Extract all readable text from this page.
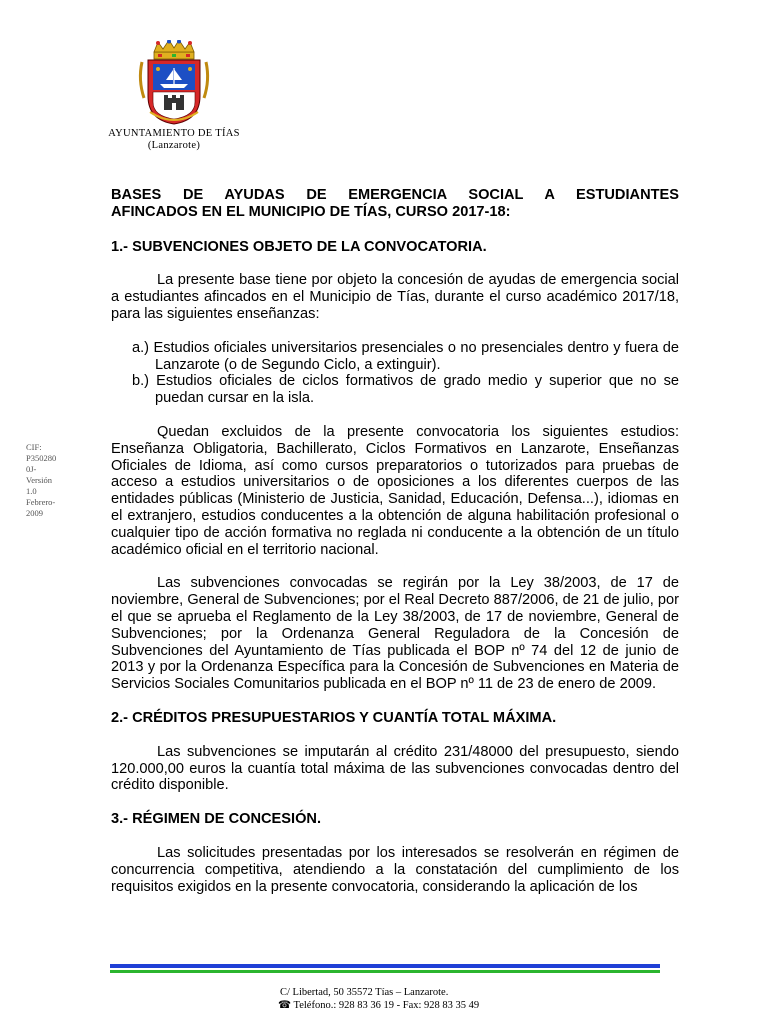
AYUNTAMIENTO DE TÍAS
(Lanzarote)
CIF:
P350280
0J-
Versión
1.0
Febrero-
2009
BASES DE AYUDAS DE EMERGENCIA SOCIAL A ESTUDIANTES
AFINCADOS EN EL MUNICIPIO DE TÍAS, CURSO 2017-18:
1.- SUBVENCIONES OBJETO DE LA CONVOCATORIA.

La presente base tiene por objeto la concesión de ayudas de emergencia social a estudiantes afincados en el Municipio de Tías, durante el curso académico 2017/18, para las siguientes enseñanzas:

a.) Estudios oficiales universitarios presenciales o no presenciales dentro y fuera de Lanzarote (o de Segundo Ciclo, a extinguir).
b.) Estudios oficiales de ciclos formativos de grado medio y superior que no se puedan cursar en la isla.

Quedan excluidos de la presente convocatoria los siguientes estudios: Enseñanza Obligatoria, Bachillerato, Ciclos Formativos en Lanzarote, Enseñanzas Oficiales de Idioma, así como cursos preparatorios o tutorizados para pruebas de acceso a estudios universitarios o de oposiciones a los diferentes cuerpos de las entidades públicas (Ministerio de Justicia, Sanidad, Educación, Defensa...), idiomas en el extranjero, estudios conducentes a la obtención de alguna habilitación profesional o cualquier tipo de acción formativa no reglada ni conducente a la obtención de un título académico oficial en el territorio nacional.

Las subvenciones convocadas se regirán por la Ley 38/2003, de 17 de noviembre, General de Subvenciones; por el Real Decreto 887/2006, de 21 de julio, por el que se aprueba el Reglamento de la Ley 38/2003, de 17 de noviembre, General de Subvenciones; por la Ordenanza General Reguladora de la Concesión de Subvenciones del Ayuntamiento de Tías publicada el BOP nº 74 del 12 de junio de 2013 y por la Ordenanza Específica para la Concesión de Subvenciones en Materia de Servicios Sociales Comunitarios publicada en el BOP nº 11 de 23 de enero de 2009.

2.- CRÉDITOS PRESUPUESTARIOS Y CUANTÍA TOTAL MÁXIMA.

Las subvenciones se imputarán al crédito 231/48000 del presupuesto, siendo 120.000,00 euros la cuantía total máxima de las subvenciones convocadas dentro del crédito disponible.

3.- RÉGIMEN DE CONCESIÓN.

Las solicitudes presentadas por los interesados se resolverán en régimen de concurrencia competitiva, atendiendo a la constatación del cumplimiento de los requisitos exigidos en la presente convocatoria, considerando la aplicación de los

C/ Libertad, 50 35572 Tías – Lanzarote.
☎ Teléfono.: 928 83 36 19 - Fax: 928 83 35 49
